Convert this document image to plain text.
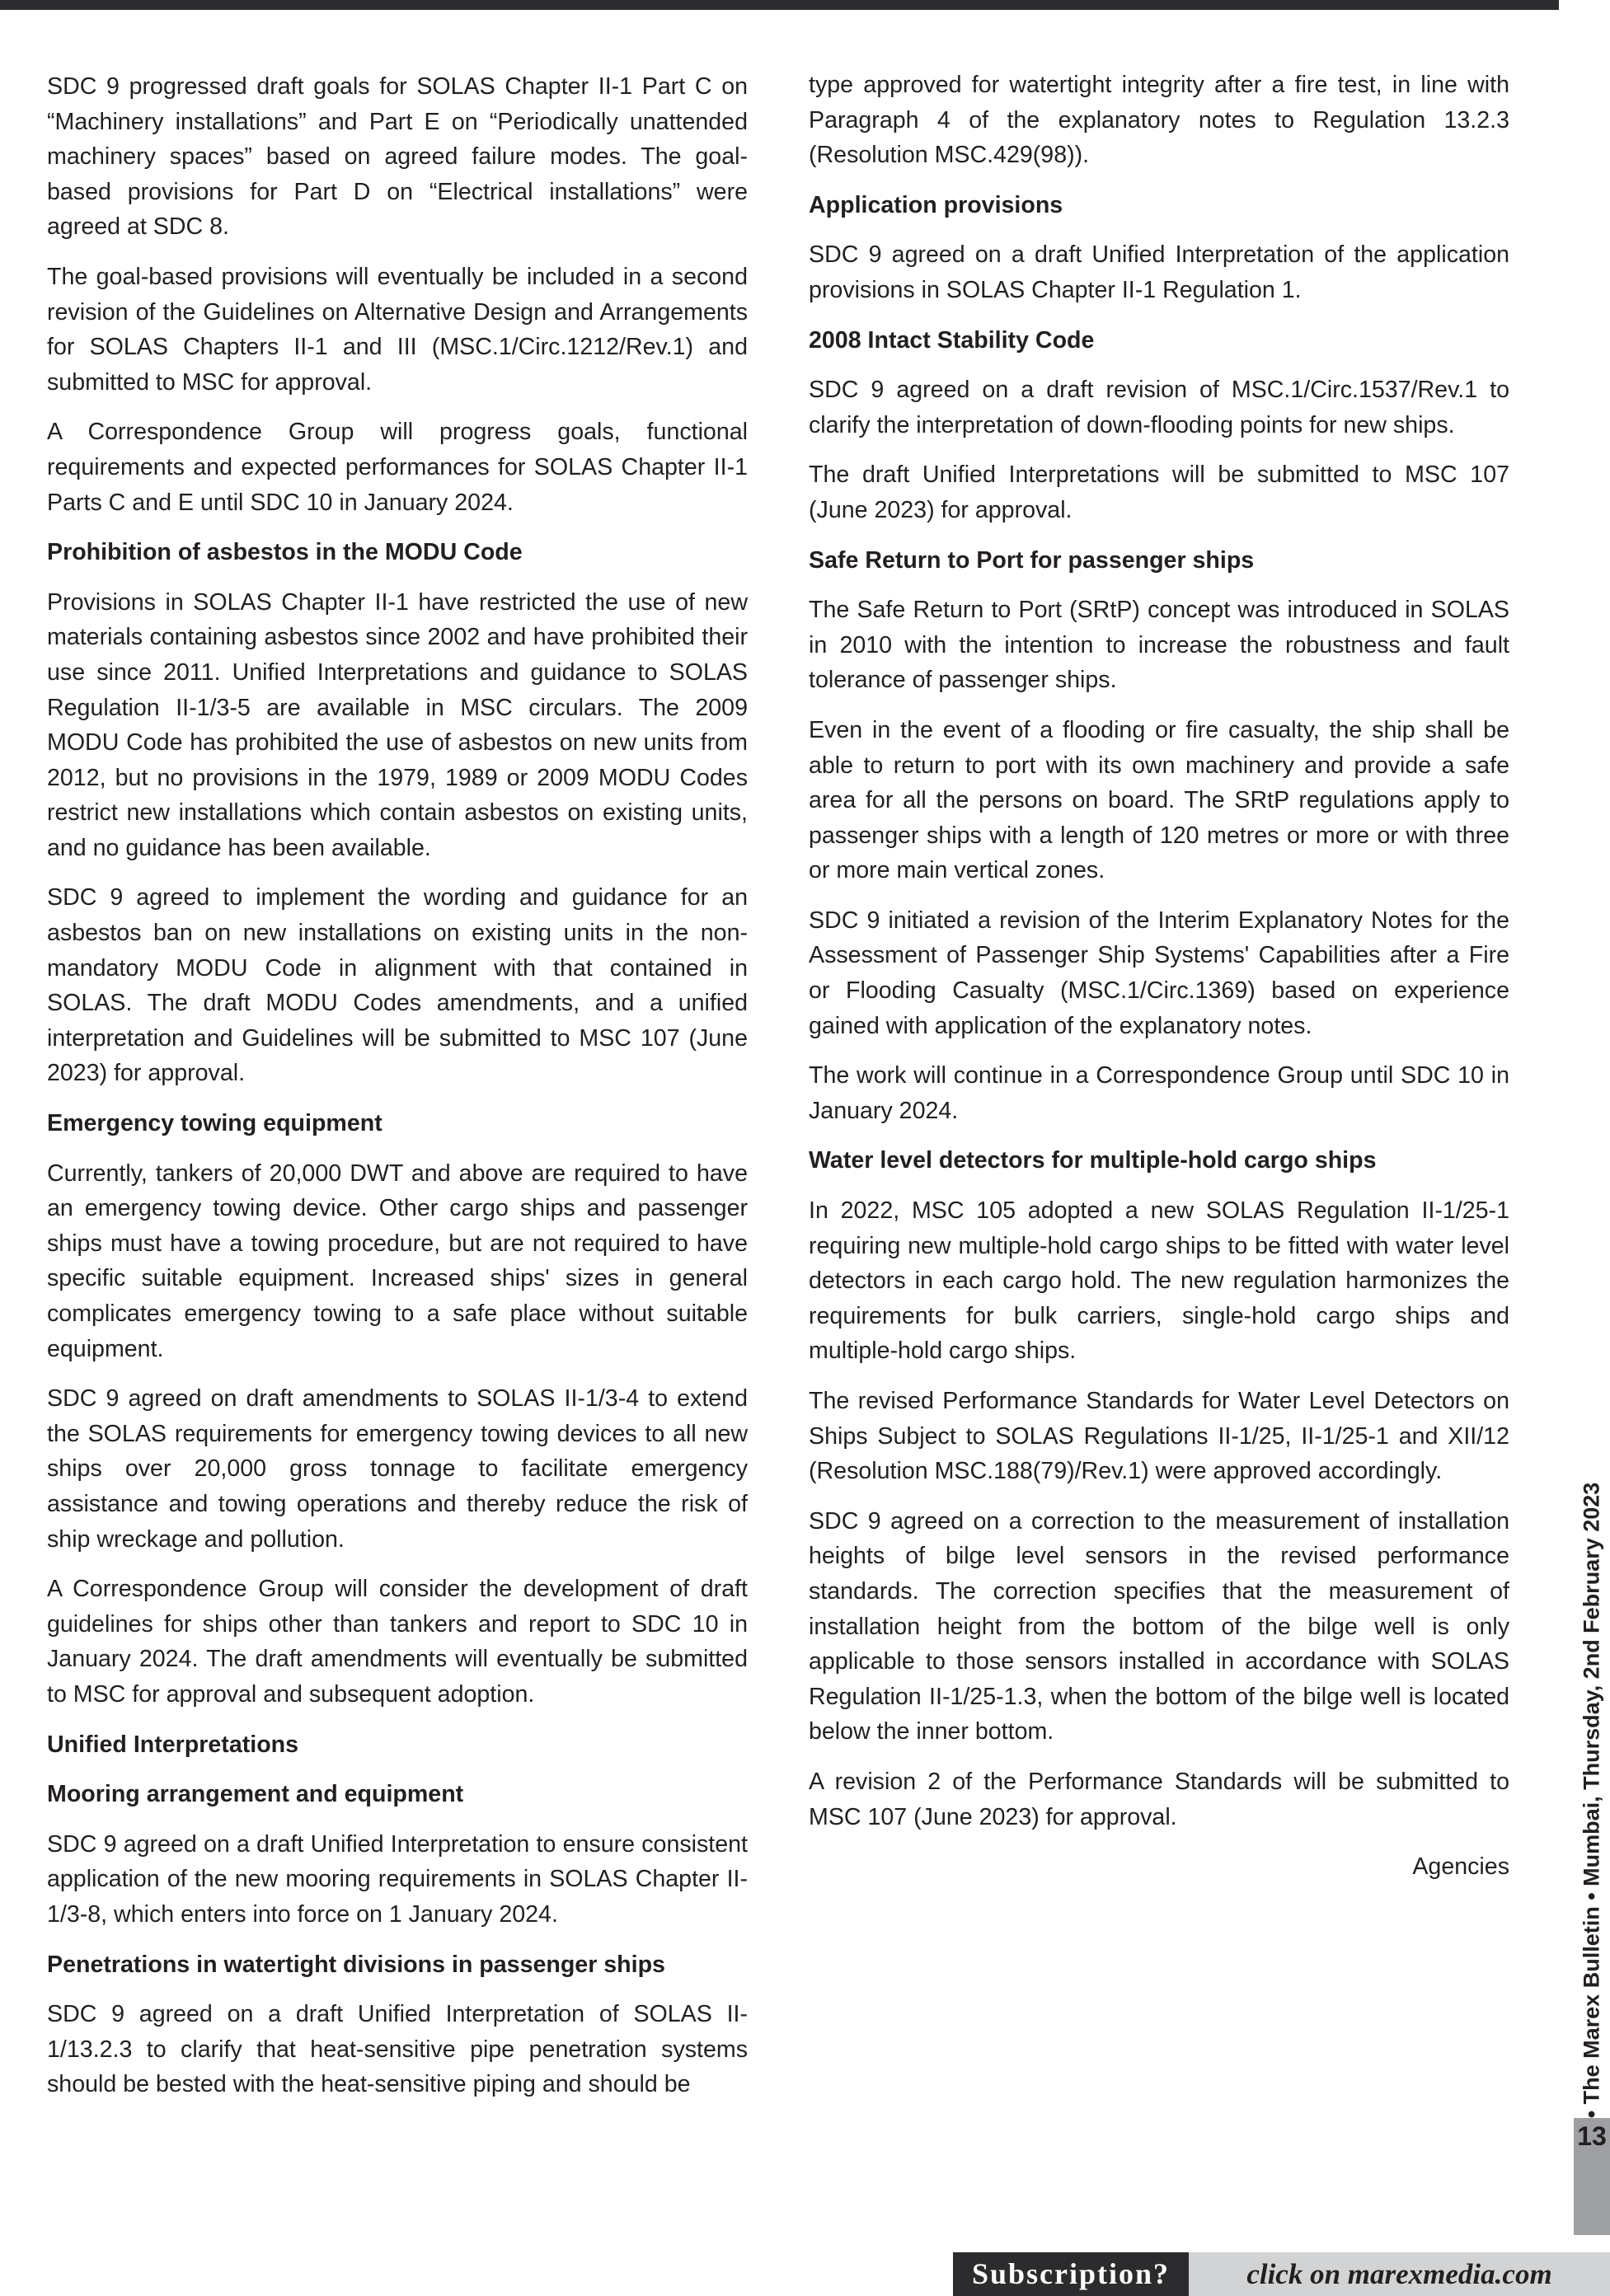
SDC 9 progressed draft goals for SOLAS Chapter II-1 Part C on “Machinery installations” and Part E on “Periodically unattended machinery spaces” based on agreed failure modes. The goal-based provisions for Part D on “Electrical installations” were agreed at SDC 8.

The goal-based provisions will eventually be included in a second revision of the Guidelines on Alternative Design and Arrangements for SOLAS Chapters II-1 and III (MSC.1/Circ.1212/Rev.1) and submitted to MSC for approval.

A Correspondence Group will progress goals, functional requirements and expected performances for SOLAS Chapter II-1 Parts C and E until SDC 10 in January 2024.

Prohibition of asbestos in the MODU Code

Provisions in SOLAS Chapter II-1 have restricted the use of new materials containing asbestos since 2002 and have prohibited their use since 2011. Unified Interpretations and guidance to SOLAS Regulation II-1/3-5 are available in MSC circulars. The 2009 MODU Code has prohibited the use of asbestos on new units from 2012, but no provisions in the 1979, 1989 or 2009 MODU Codes restrict new installations which contain asbestos on existing units, and no guidance has been available.

SDC 9 agreed to implement the wording and guidance for an asbestos ban on new installations on existing units in the non-mandatory MODU Code in alignment with that contained in SOLAS. The draft MODU Codes amendments, and a unified interpretation and Guidelines will be submitted to MSC 107 (June 2023) for approval.

Emergency towing equipment

Currently, tankers of 20,000 DWT and above are required to have an emergency towing device. Other cargo ships and passenger ships must have a towing procedure, but are not required to have specific suitable equipment. Increased ships' sizes in general complicates emergency towing to a safe place without suitable equipment.

SDC 9 agreed on draft amendments to SOLAS II-1/3-4 to extend the SOLAS requirements for emergency towing devices to all new ships over 20,000 gross tonnage to facilitate emergency assistance and towing operations and thereby reduce the risk of ship wreckage and pollution.

A Correspondence Group will consider the development of draft guidelines for ships other than tankers and report to SDC 10 in January 2024. The draft amendments will eventually be submitted to MSC for approval and subsequent adoption.

Unified Interpretations
Mooring arrangement and equipment

SDC 9 agreed on a draft Unified Interpretation to ensure consistent application of the new mooring requirements in SOLAS Chapter II-1/3-8, which enters into force on 1 January 2024.

Penetrations in watertight divisions in passenger ships

SDC 9 agreed on a draft Unified Interpretation of SOLAS II-1/13.2.3 to clarify that heat-sensitive pipe penetration systems should be bested with the heat-sensitive piping and should be

type approved for watertight integrity after a fire test, in line with Paragraph 4 of the explanatory notes to Regulation 13.2.3 (Resolution MSC.429(98)).

Application provisions

SDC 9 agreed on a draft Unified Interpretation of the application provisions in SOLAS Chapter II-1 Regulation 1.

2008 Intact Stability Code

SDC 9 agreed on a draft revision of MSC.1/Circ.1537/Rev.1 to clarify the interpretation of down-flooding points for new ships.

The draft Unified Interpretations will be submitted to MSC 107 (June 2023) for approval.

Safe Return to Port for passenger ships

The Safe Return to Port (SRtP) concept was introduced in SOLAS in 2010 with the intention to increase the robustness and fault tolerance of passenger ships.

Even in the event of a flooding or fire casualty, the ship shall be able to return to port with its own machinery and provide a safe area for all the persons on board. The SRtP regulations apply to passenger ships with a length of 120 metres or more or with three or more main vertical zones.

SDC 9 initiated a revision of the Interim Explanatory Notes for the Assessment of Passenger Ship Systems' Capabilities after a Fire or Flooding Casualty (MSC.1/Circ.1369) based on experience gained with application of the explanatory notes.

The work will continue in a Correspondence Group until SDC 10 in January 2024.

Water level detectors for multiple-hold cargo ships

In 2022, MSC 105 adopted a new SOLAS Regulation II-1/25-1 requiring new multiple-hold cargo ships to be fitted with water level detectors in each cargo hold. The new regulation harmonizes the requirements for bulk carriers, single-hold cargo ships and multiple-hold cargo ships.

The revised Performance Standards for Water Level Detectors on Ships Subject to SOLAS Regulations II-1/25, II-1/25-1 and XII/12 (Resolution MSC.188(79)/Rev.1) were approved accordingly.

SDC 9 agreed on a correction to the measurement of installation heights of bilge level sensors in the revised performance standards. The correction specifies that the measurement of installation height from the bottom of the bilge well is only applicable to those sensors installed in accordance with SOLAS Regulation II-1/25-1.3, when the bottom of the bilge well is located below the inner bottom.

A revision 2 of the Performance Standards will be submitted to MSC 107 (June 2023) for approval.

Agencies	• The Marex Bulletin • Mumbai, Thursday, 2nd February 2023
13
Subscription?	click on marexmedia.com
